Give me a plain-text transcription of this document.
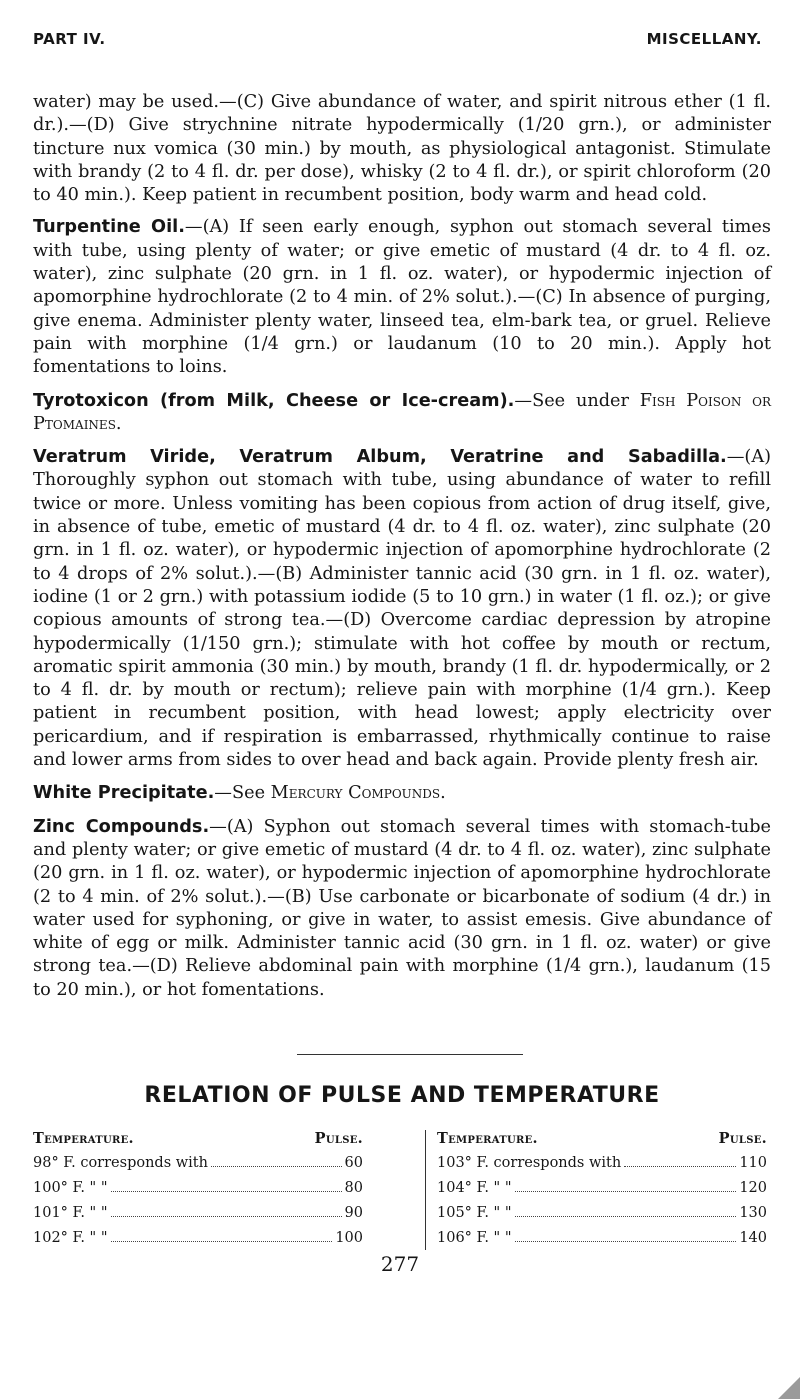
PART IV.	MISCELLANY.

water) may be used.—(C) Give abundance of water, and spirit nitrous ether (1 fl. dr.).—(D) Give strychnine nitrate hypodermically (1/20 grn.), or administer tincture nux vomica (30 min.) by mouth, as physiological antagonist. Stimulate with brandy (2 to 4 fl. dr. per dose), whisky (2 to 4 fl. dr.), or spirit chloroform (20 to 40 min.). Keep patient in recumbent position, body warm and head cold.

Turpentine Oil.—(A) If seen early enough, syphon out stomach several times with tube, using plenty of water; or give emetic of mustard (4 dr. to 4 fl. oz. water), zinc sulphate (20 grn. in 1 fl. oz. water), or hypodermic injection of apomorphine hydrochlorate (2 to 4 min. of 2% solut.).—(C) In absence of purging, give enema. Administer plenty water, linseed tea, elm-bark tea, or gruel. Relieve pain with morphine (1/4 grn.) or laudanum (10 to 20 min.). Apply hot fomentations to loins.

Tyrotoxicon (from Milk, Cheese or Ice-cream).—See under Fish Poison or Ptomaines.

Veratrum Viride, Veratrum Album, Veratrine and Sabadilla.—(A) Thoroughly syphon out stomach with tube, using abundance of water to refill twice or more. Unless vomiting has been copious from action of drug itself, give, in absence of tube, emetic of mustard (4 dr. to 4 fl. oz. water), zinc sulphate (20 grn. in 1 fl. oz. water), or hypodermic injection of apomorphine hydrochlorate (2 to 4 drops of 2% solut.).—(B) Administer tannic acid (30 grn. in 1 fl. oz. water), iodine (1 or 2 grn.) with potassium iodide (5 to 10 grn.) in water (1 fl. oz.); or give copious amounts of strong tea.—(D) Overcome cardiac depression by atropine hypodermically (1/150 grn.); stimulate with hot coffee by mouth or rectum, aromatic spirit ammonia (30 min.) by mouth, brandy (1 fl. dr. hypodermically, or 2 to 4 fl. dr. by mouth or rectum); relieve pain with morphine (1/4 grn.). Keep patient in recumbent position, with head lowest; apply electricity over pericardium, and if respiration is embarrassed, rhythmically continue to raise and lower arms from sides to over head and back again. Provide plenty fresh air.

White Precipitate.—See Mercury Compounds.

Zinc Compounds.—(A) Syphon out stomach several times with stomach-tube and plenty water; or give emetic of mustard (4 dr. to 4 fl. oz. water), zinc sulphate (20 grn. in 1 fl. oz. water), or hypodermic injection of apomorphine hydrochlorate (2 to 4 min. of 2% solut.).—(B) Use carbonate or bicarbonate of sodium (4 dr.) in water used for syphoning, or give in water, to assist emesis. Give abundance of white of egg or milk. Administer tannic acid (30 grn. in 1 fl. oz. water) or give strong tea.—(D) Relieve abdominal pain with morphine (1/4 grn.), laudanum (15 to 20 min.), or hot fomentations.

RELATION OF PULSE AND TEMPERATURE
Temperature.	Pulse.
98° F. corresponds with	60
100° F. " "	80
101° F. " "	90
102° F. " "	100
Temperature.	Pulse.
103° F. corresponds with	110
104° F. " "	120
105° F. " "	130
106° F. " "	140
277
